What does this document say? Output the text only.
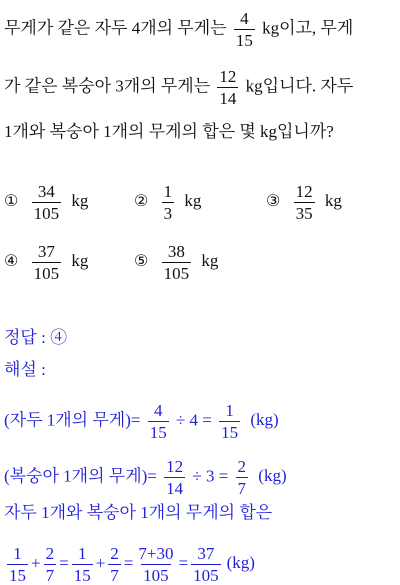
무게가 같은 자두 4개의 무게는 $\frac{4}{15}$ kg이고, 무게
가 같은 복숭아 3개의 무게는 $\frac{12}{14}$ kg입니다. 자두
1개와 복숭아 1개의 무게의 합은 몇 kg입니까?
① $\frac{34}{105}$ kg	② $\frac{1}{3}$ kg	③ $\frac{12}{35}$ kg
④ $\frac{37}{105}$ kg	⑤ $\frac{38}{105}$ kg
정답 : ④
해설 :
(자두 1개의 무게)= $\frac{4}{15} \div 4 = \frac{1}{15} (kg)$
(복숭아 1개의 무게)= $\frac{12}{14} \div 3 = \frac{2}{7} (kg)$
자두 1개와 복숭아 1개의 무게의 합은
$\frac{1}{15} + \frac{2}{7} = \frac{1}{15} + \frac{2}{7} = \frac{7+30}{105} = \frac{37}{105} (kg)$
